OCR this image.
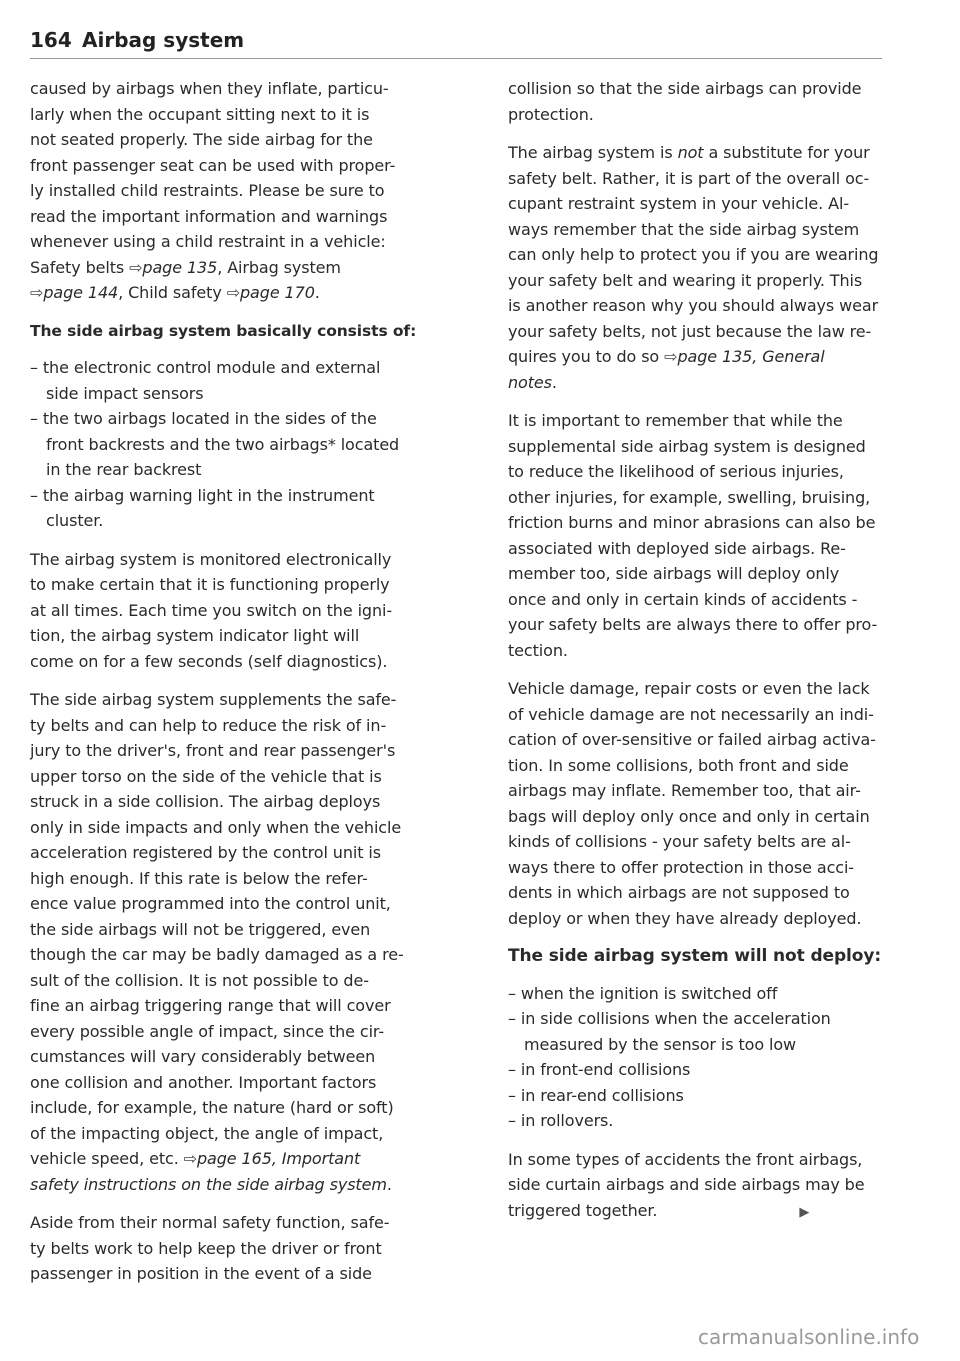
164 Airbag system

caused by airbags when they inflate, particu-
larly when the occupant sitting next to it is
not seated properly. The side airbag for the
front passenger seat can be used with proper-
ly installed child restraints. Please be sure to
read the important information and warnings
whenever using a child restraint in a vehicle:
Safety belts ⇨page 135, Airbag system
⇨page 144, Child safety ⇨page 170.

The side airbag system basically consists of:
– the electronic control module and external
side impact sensors
– the two airbags located in the sides of the
front backrests and the two airbags* located
in the rear backrest
– the airbag warning light in the instrument
cluster.

The airbag system is monitored electronically
to make certain that it is functioning properly
at all times. Each time you switch on the igni-
tion, the airbag system indicator light will
come on for a few seconds (self diagnostics).

The side airbag system supplements the safe-
ty belts and can help to reduce the risk of in-
jury to the driver's, front and rear passenger's
upper torso on the side of the vehicle that is
struck in a side collision. The airbag deploys
only in side impacts and only when the vehicle
acceleration registered by the control unit is
high enough. If this rate is below the refer-
ence value programmed into the control unit,
the side airbags will not be triggered, even
though the car may be badly damaged as a re-
sult of the collision. It is not possible to de-
fine an airbag triggering range that will cover
every possible angle of impact, since the cir-
cumstances will vary considerably between
one collision and another. Important factors
include, for example, the nature (hard or soft)
of the impacting object, the angle of impact,
vehicle speed, etc. ⇨page 165, Important
safety instructions on the side airbag system.

Aside from their normal safety function, safe-
ty belts work to help keep the driver or front
passenger in position in the event of a side

collision so that the side airbags can provide
protection.

The airbag system is not a substitute for your
safety belt. Rather, it is part of the overall oc-
cupant restraint system in your vehicle. Al-
ways remember that the side airbag system
can only help to protect you if you are wearing
your safety belt and wearing it properly. This
is another reason why you should always wear
your safety belts, not just because the law re-
quires you to do so ⇨page 135, General
notes.

It is important to remember that while the
supplemental side airbag system is designed
to reduce the likelihood of serious injuries,
other injuries, for example, swelling, bruising,
friction burns and minor abrasions can also be
associated with deployed side airbags. Re-
member too, side airbags will deploy only
once and only in certain kinds of accidents -
your safety belts are always there to offer pro-
tection.

Vehicle damage, repair costs or even the lack
of vehicle damage are not necessarily an indi-
cation of over-sensitive or failed airbag activa-
tion. In some collisions, both front and side
airbags may inflate. Remember too, that air-
bags will deploy only once and only in certain
kinds of collisions - your safety belts are al-
ways there to offer protection in those acci-
dents in which airbags are not supposed to
deploy or when they have already deployed.

The side airbag system will not deploy:
– when the ignition is switched off
– in side collisions when the acceleration
measured by the sensor is too low
– in front-end collisions
– in rear-end collisions
– in rollovers.

In some types of accidents the front airbags,
side curtain airbags and side airbags may be
triggered together.	▶

carmanualsonline.info
